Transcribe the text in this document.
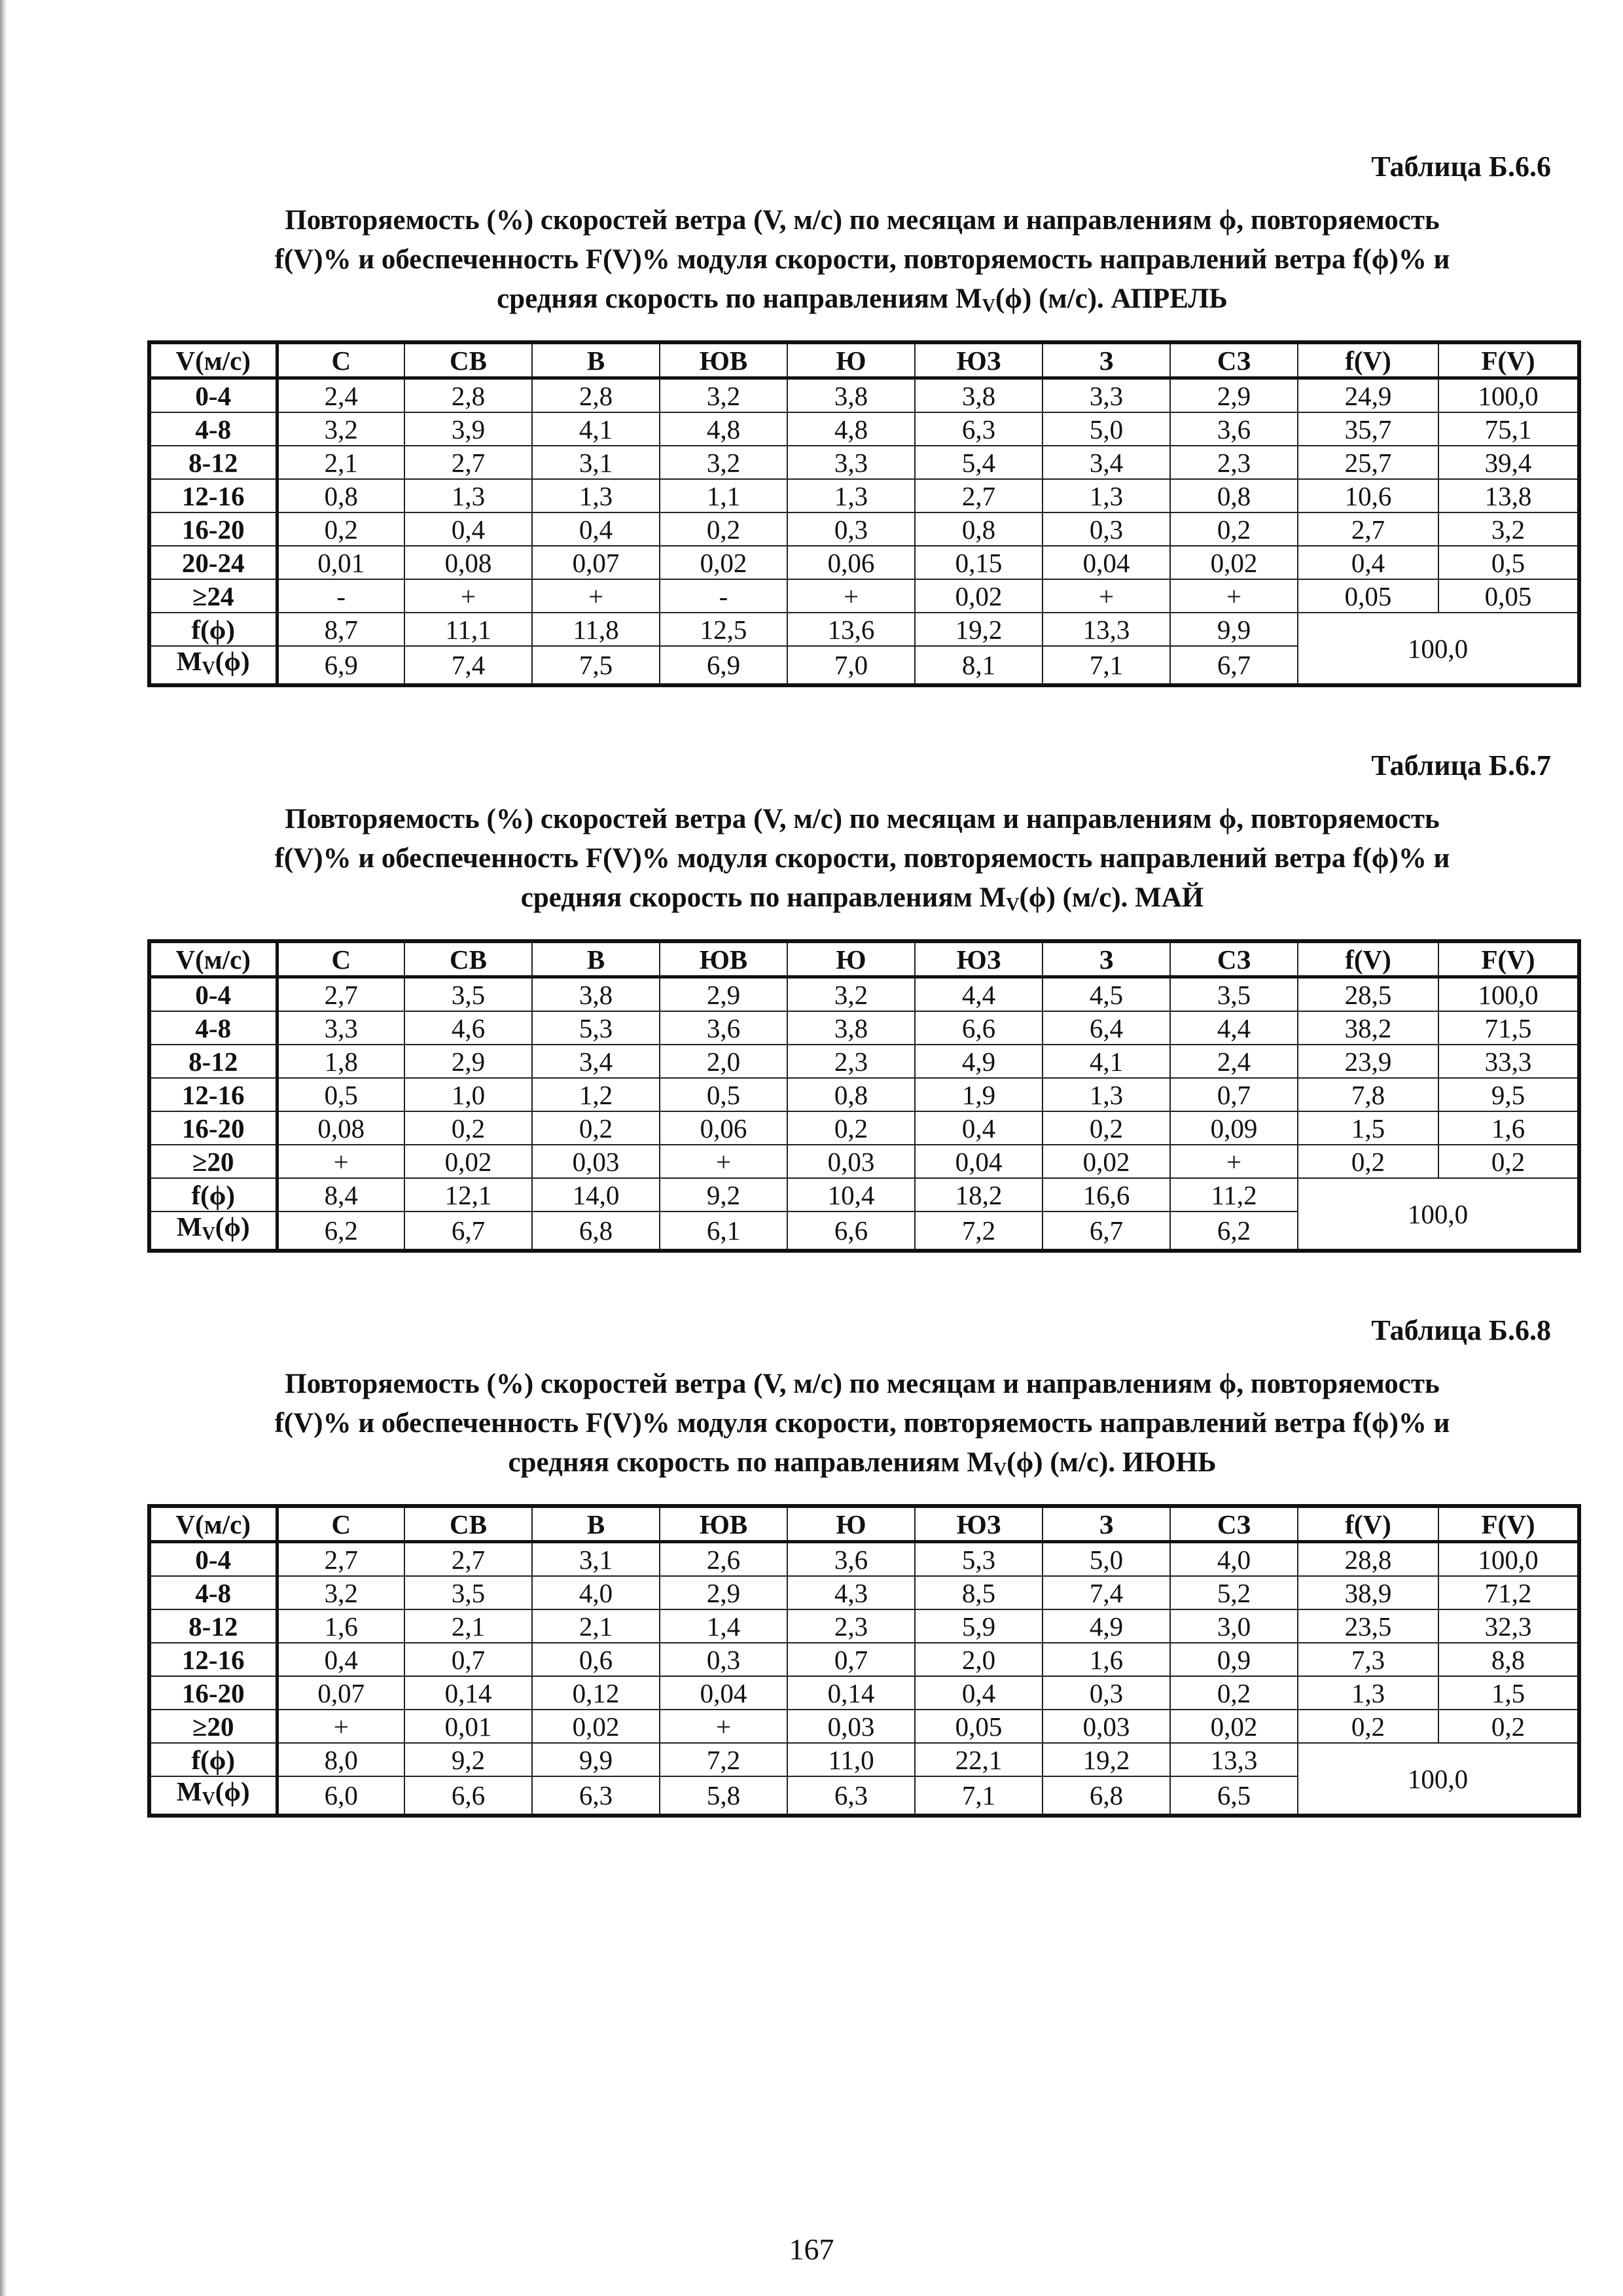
Таблица Б.6.6
Повторяемость (%) скоростей ветра (V, м/с) по месяцам и направлениям ϕ, повторяемость
f(V)% и обеспеченность F(V)% модуля скорости, повторяемость направлений ветра f(ϕ)% и
средняя скорость по направлениям $M_V(\phi)$ (м/с). АПРЕЛЬ
V(м/с)	С	СВ	В	ЮВ	Ю	ЮЗ	З	СЗ	f(V)	F(V)
0-4	2,4	2,8	2,8	3,2	3,8	3,8	3,3	2,9	24,9	100,0
4-8	3,2	3,9	4,1	4,8	4,8	6,3	5,0	3,6	35,7	75,1
8-12	2,1	2,7	3,1	3,2	3,3	5,4	3,4	2,3	25,7	39,4
12-16	0,8	1,3	1,3	1,1	1,3	2,7	1,3	0,8	10,6	13,8
16-20	0,2	0,4	0,4	0,2	0,3	0,8	0,3	0,2	2,7	3,2
20-24	0,01	0,08	0,07	0,02	0,06	0,15	0,04	0,02	0,4	0,5
≥24	-	+	+	-	+	0,02	+	+	0,05	0,05
f(ϕ)	8,7	11,1	11,8	12,5	13,6	19,2	13,3	9,9	100,0	
$M_V(\phi)$	6,9	7,4	7,5	6,9	7,0	8,1	7,1	6,7		
Таблица Б.6.7
Повторяемость (%) скоростей ветра (V, м/с) по месяцам и направлениям ϕ, повторяемость
f(V)% и обеспеченность F(V)% модуля скорости, повторяемость направлений ветра f(ϕ)% и
средняя скорость по направлениям $M_V(\phi)$ (м/с). МАЙ
V(м/с)	С	СВ	В	ЮВ	Ю	ЮЗ	З	СЗ	f(V)	F(V)
0-4	2,7	3,5	3,8	2,9	3,2	4,4	4,5	3,5	28,5	100,0
4-8	3,3	4,6	5,3	3,6	3,8	6,6	6,4	4,4	38,2	71,5
8-12	1,8	2,9	3,4	2,0	2,3	4,9	4,1	2,4	23,9	33,3
12-16	0,5	1,0	1,2	0,5	0,8	1,9	1,3	0,7	7,8	9,5
16-20	0,08	0,2	0,2	0,06	0,2	0,4	0,2	0,09	1,5	1,6
≥20	+	0,02	0,03	+	0,03	0,04	0,02	+	0,2	0,2
f(ϕ)	8,4	12,1	14,0	9,2	10,4	18,2	16,6	11,2	100,0	
$M_V(\phi)$	6,2	6,7	6,8	6,1	6,6	7,2	6,7	6,2		
Таблица Б.6.8
Повторяемость (%) скоростей ветра (V, м/с) по месяцам и направлениям ϕ, повторяемость
f(V)% и обеспеченность F(V)% модуля скорости, повторяемость направлений ветра f(ϕ)% и
средняя скорость по направлениям $M_V(\phi)$ (м/с). ИЮНЬ
V(м/с)	С	СВ	В	ЮВ	Ю	ЮЗ	З	СЗ	f(V)	F(V)
0-4	2,7	2,7	3,1	2,6	3,6	5,3	5,0	4,0	28,8	100,0
4-8	3,2	3,5	4,0	2,9	4,3	8,5	7,4	5,2	38,9	71,2
8-12	1,6	2,1	2,1	1,4	2,3	5,9	4,9	3,0	23,5	32,3
12-16	0,4	0,7	0,6	0,3	0,7	2,0	1,6	0,9	7,3	8,8
16-20	0,07	0,14	0,12	0,04	0,14	0,4	0,3	0,2	1,3	1,5
≥20	+	0,01	0,02	+	0,03	0,05	0,03	0,02	0,2	0,2
f(ϕ)	8,0	9,2	9,9	7,2	11,0	22,1	19,2	13,3	100,0	
$M_V(\phi)$	6,0	6,6	6,3	5,8	6,3	7,1	6,8	6,5		
167
